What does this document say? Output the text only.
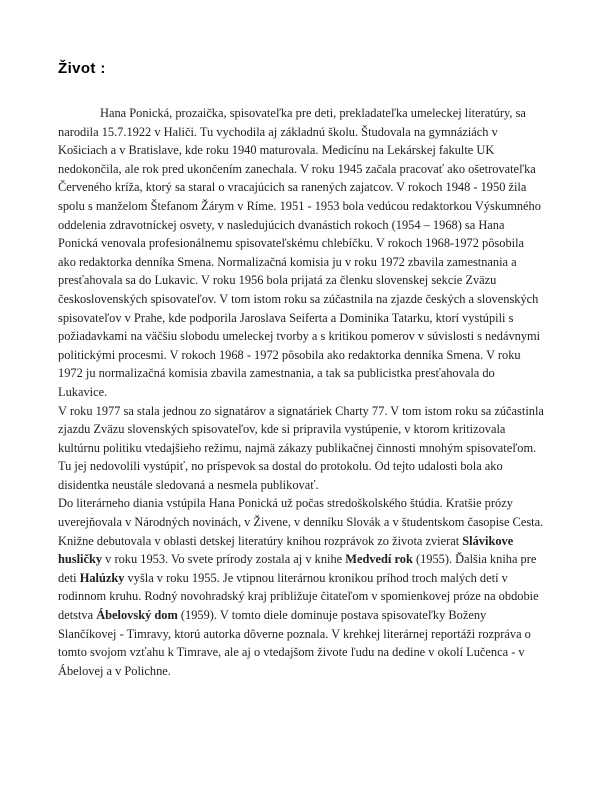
Život :

Hana Ponická, prozaička, spisovateľka pre deti, prekladateľka umeleckej literatúry, sa narodila 15.7.1922 v Haliči. Tu vychodila aj základnú školu. Študovala na gymnáziách v Košiciach a v Bratislave, kde roku 1940 maturovala. Medicínu na Lekárskej fakulte UK nedokončila, ale rok pred ukončením zanechala. V roku 1945 začala pracovať ako ošetrovateľka Červeného kríža, ktorý sa staral o vracajúcich sa ranených zajatcov. V rokoch 1948 - 1950 žila spolu s manželom Štefanom Žárym v Ríme. 1951 - 1953 bola vedúcou redaktorkou Výskumného oddelenia zdravotníckej osvety, v nasledujúcich dvanástich rokoch (1954 – 1968) sa Hana Ponická venovala profesionálnemu spisovateľskému chlebíčku. V rokoch 1968-1972 pôsobila ako redaktorka denníka Smena. Normalizačná komisia ju v roku 1972 zbavila zamestnania a presťahovala sa do Lukavic. V roku 1956 bola prijatá za členku slovenskej sekcie Zväzu československých spisovateľov. V tom istom roku sa zúčastnila na zjazde českých a slovenských spisovateľov v Prahe, kde podporila Jaroslava Seiferta a Dominika Tatarku, ktorí vystúpili s požiadavkami na väčšiu slobodu umeleckej tvorby a s kritikou pomerov v súvislosti s nedávnymi politickými procesmi. V rokoch 1968 - 1972 pôsobila ako redaktorka denníka Smena. V roku 1972 ju normalizačná komisia zbavila zamestnania, a tak sa publicistka presťahovala do Lukavice.

V roku 1977 sa stala jednou zo signatárov a signatáriek Charty 77. V tom istom roku sa zúčastinla zjazdu Zväzu slovenských spisovateľov, kde si pripravila vystúpenie, v ktorom kritizovala kultúrnu politiku vtedajšieho režimu, najmä zákazy publikačnej činnosti mnohým spisovateľom. Tu jej nedovolili vystúpiť, no príspevok sa dostal do protokolu. Od tejto udalosti bola ako disidentka neustále sledovaná a nesmela publikovať.

Do literárneho diania vstúpila Hana Ponická už počas stredoškolského štúdia. Kratšie prózy uverejňovala v Národných novinách, v Živene, v denníku Slovák a v študentskom časopise Cesta.

Knižne debutovala v oblasti detskej literatúry knihou rozprávok zo života zvierat Slávikove husličky v roku 1953. Vo svete prírody zostala aj v knihe Medvedí rok (1955). Ďalšia kniha pre deti Halúzky vyšla v roku 1955. Je vtipnou literárnou kronikou príhod troch malých detí v rodinnom kruhu. Rodný novohradský kraj približuje čitateľom v spomienkovej próze na obdobie detstva Ábelovský dom (1959). V tomto diele dominuje postava spisovateľky Boženy Slančíkovej - Timravy, ktorú autorka dôverne poznala. V krehkej literárnej reportáži rozpráva o tomto svojom vzťahu k Timrave, ale aj o vtedajšom živote ľudu na dedine v okolí Lučenca - v Ábelovej a v Polichne.
